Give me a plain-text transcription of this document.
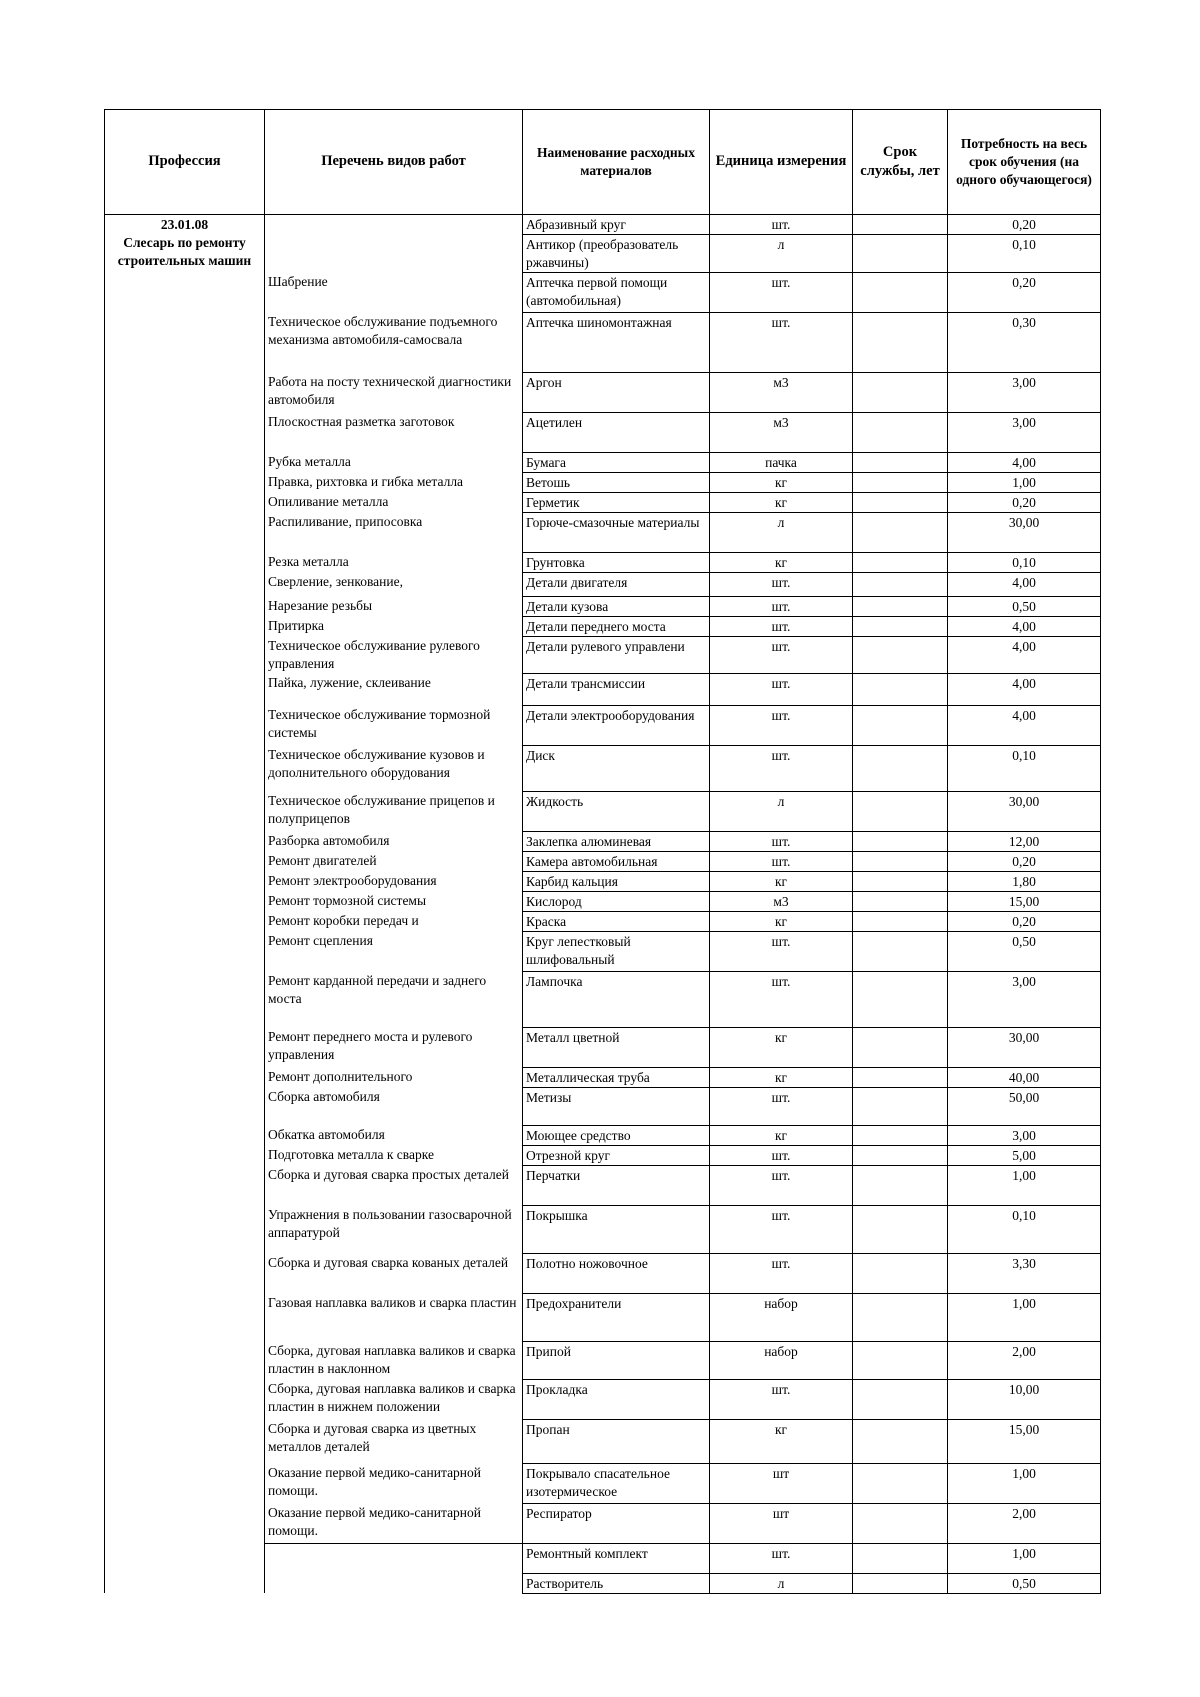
Профессия	Перечень видов работ	Наименование расходных материалов	Единица измерения	Срок службы, лет	Потребность на весь срок обучения (на одного обучающегося)

23.01.08
Слесарь по ремонту строительных машин		Абразивный круг	шт.		0,20
		Антикор (преобразователь ржавчины)	л		0,10
	Шабрение	Аптечка первой помощи (автомобильная)	шт.		0,20
	Техническое обслуживание подъемного механизма автомобиля-самосвала	Аптечка шиномонтажная	шт.		0,30
	Работа на посту технической диагностики автомобиля	Аргон	м3		3,00
	Плоскостная разметка заготовок	Ацетилен	м3		3,00
	Рубка металла	Бумага	пачка		4,00
	Правка, рихтовка и гибка металла	Ветошь	кг		1,00
	Опиливание металла	Герметик	кг		0,20
	Распиливание, припосовка	Горюче-смазочные материалы	л		30,00
	Резка металла	Грунтовка	кг		0,10
	Сверление, зенкование,	Детали двигателя	шт.		4,00
	Нарезание резьбы	Детали кузова	шт.		0,50
	Притирка	Детали переднего моста	шт.		4,00
	Техническое обслуживание рулевого управления	Детали рулевого управлени	шт.		4,00
	Пайка, лужение, склеивание	Детали трансмиссии	шт.		4,00
	Техническое обслуживание тормозной системы	Детали электрооборудования	шт.		4,00
	Техническое обслуживание кузовов и дополнительного оборудования	Диск	шт.		0,10
	Техническое обслуживание прицепов и полуприцепов	Жидкость	л		30,00
	Разборка автомобиля	Заклепка алюминевая	шт.		12,00
	Ремонт двигателей	Камера автомобильная	шт.		0,20
	Ремонт электрооборудования	Карбид кальция	кг		1,80
	Ремонт тормозной системы	Кислород	м3		15,00
	Ремонт коробки передач и	Краска	кг		0,20
	Ремонт сцепления	Круг лепестковый шлифовальный	шт.		0,50
	Ремонт карданной передачи и заднего моста	Лампочка	шт.		3,00
	Ремонт переднего моста и рулевого управления	Металл цветной	кг		30,00
	Ремонт дополнительного	Металлическая труба	кг		40,00
	Сборка автомобиля	Метизы	шт.		50,00
	Обкатка автомобиля	Моющее средство	кг		3,00
	Подготовка металла к сварке	Отрезной круг	шт.		5,00
	Сборка и дуговая сварка простых деталей	Перчатки	шт.		1,00
	Упражнения в пользовании газосварочной аппаратурой	Покрышка	шт.		0,10
	Сборка и дуговая сварка кованых деталей	Полотно ножовочное	шт.		3,30
	Газовая наплавка валиков и сварка пластин	Предохранители	набор		1,00
	Сборка, дуговая наплавка валиков и сварка пластин в наклонном	Припой	набор		2,00
	Сборка, дуговая наплавка валиков и сварка пластин в нижнем положении	Прокладка	шт.		10,00
	Сборка и дуговая сварка из цветных металлов деталей	Пропан	кг		15,00
	Оказание первой медико-санитарной помощи.	Покрывало спасательное изотермическое	шт		1,00
	Оказание первой медико-санитарной помощи.	Респиратор	шт		2,00
		Ремонтный комплект	шт.		1,00
		Растворитель	л		0,50
